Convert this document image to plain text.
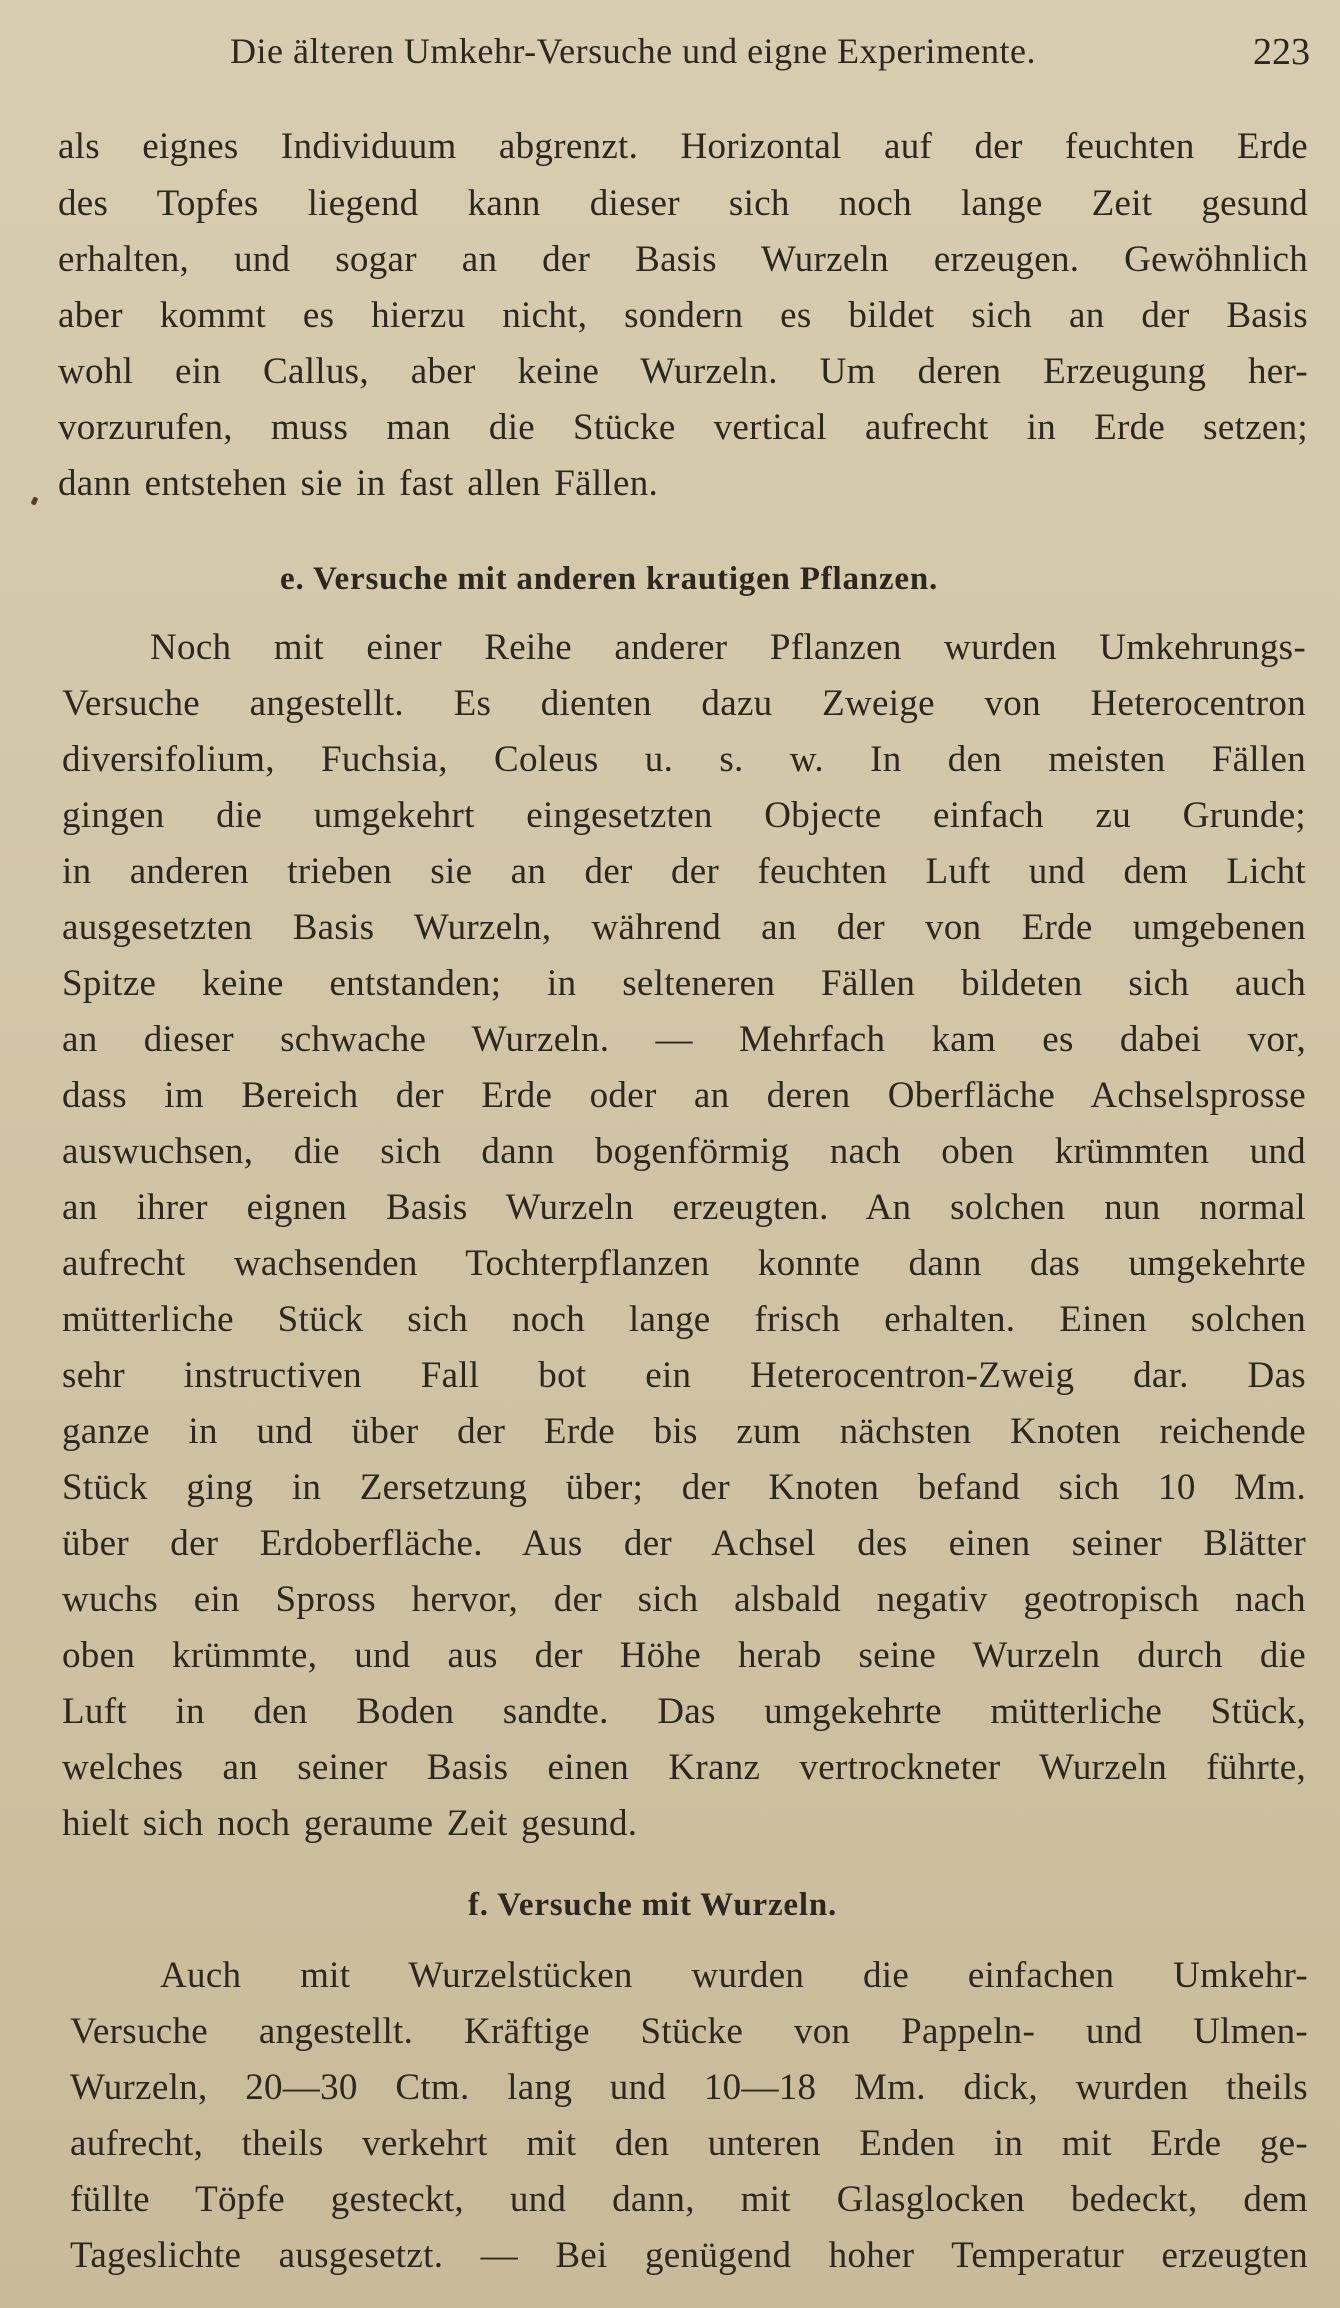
Die älteren Umkehr-Versuche und eigne Experimente.	223
als eignes Individuum abgrenzt. Horizontal auf der feuchten Erde
des Topfes liegend kann dieser sich noch lange Zeit gesund
erhalten, und sogar an der Basis Wurzeln erzeugen. Gewöhnlich
aber kommt es hierzu nicht, sondern es bildet sich an der Basis
wohl ein Callus, aber keine Wurzeln. Um deren Erzeugung her-
vorzurufen, muss man die Stücke vertical aufrecht in Erde setzen;
dann entstehen sie in fast allen Fällen.
e. Versuche mit anderen krautigen Pflanzen.
Noch mit einer Reihe anderer Pflanzen wurden Umkehrungs-
Versuche angestellt. Es dienten dazu Zweige von Heterocentron
diversifolium, Fuchsia, Coleus u. s. w. In den meisten Fällen
gingen die umgekehrt eingesetzten Objecte einfach zu Grunde;
in anderen trieben sie an der der feuchten Luft und dem Licht
ausgesetzten Basis Wurzeln, während an der von Erde umgebenen
Spitze keine entstanden; in selteneren Fällen bildeten sich auch
an dieser schwache Wurzeln. — Mehrfach kam es dabei vor,
dass im Bereich der Erde oder an deren Oberfläche Achselsprosse
auswuchsen, die sich dann bogenförmig nach oben krümmten und
an ihrer eignen Basis Wurzeln erzeugten. An solchen nun normal
aufrecht wachsenden Tochterpflanzen konnte dann das umgekehrte
mütterliche Stück sich noch lange frisch erhalten. Einen solchen
sehr instructiven Fall bot ein Heterocentron-Zweig dar. Das
ganze in und über der Erde bis zum nächsten Knoten reichende
Stück ging in Zersetzung über; der Knoten befand sich 10 Mm.
über der Erdoberfläche. Aus der Achsel des einen seiner Blätter
wuchs ein Spross hervor, der sich alsbald negativ geotropisch nach
oben krümmte, und aus der Höhe herab seine Wurzeln durch die
Luft in den Boden sandte. Das umgekehrte mütterliche Stück,
welches an seiner Basis einen Kranz vertrockneter Wurzeln führte,
hielt sich noch geraume Zeit gesund.
f. Versuche mit Wurzeln.
Auch mit Wurzelstücken wurden die einfachen Umkehr-
Versuche angestellt. Kräftige Stücke von Pappeln- und Ulmen-
Wurzeln, 20—30 Ctm. lang und 10—18 Mm. dick, wurden theils
aufrecht, theils verkehrt mit den unteren Enden in mit Erde ge-
füllte Töpfe gesteckt, und dann, mit Glasglocken bedeckt, dem
Tageslichte ausgesetzt. — Bei genügend hoher Temperatur erzeugten
